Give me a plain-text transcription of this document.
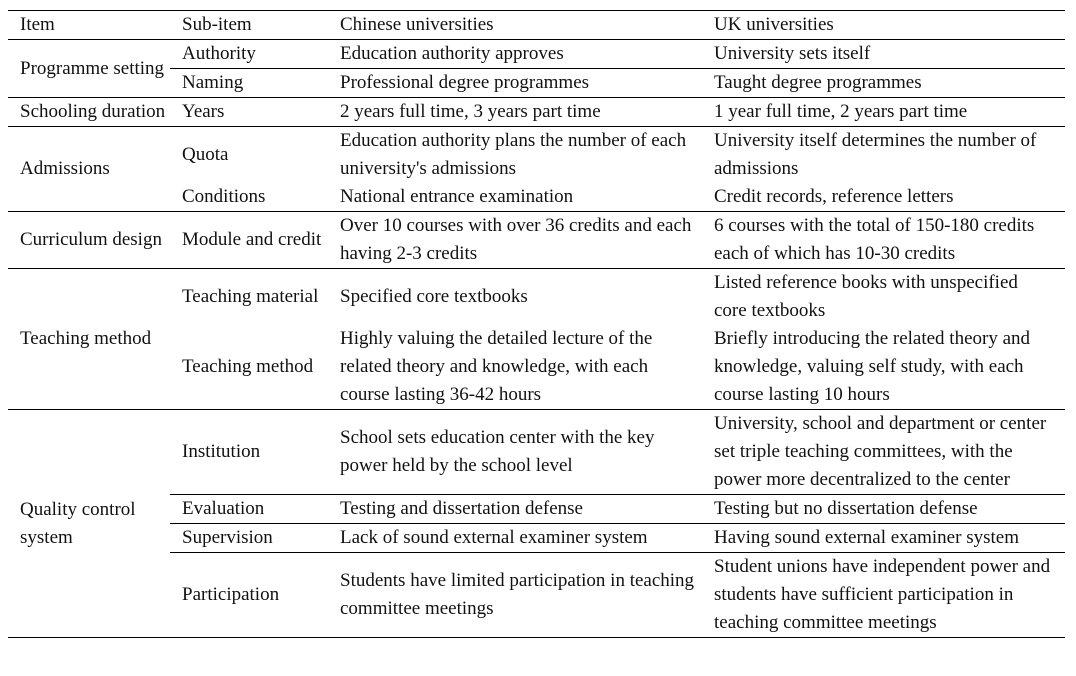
Item	Sub-item	Chinese universities	UK universities
Programme setting	Authority	Education authority approves	University sets itself
	Naming	Professional degree programmes	Taught degree programmes
Schooling duration	Years	2 years full time, 3 years part time	1 year full time, 2 years part time
Admissions	Quota	Education authority plans the number of each university's admissions	University itself determines the number of admissions
	Conditions	National entrance examination	Credit records, reference letters
Curriculum design	Module and credit	Over 10 courses with over 36 credits and each having 2-3 credits	6 courses with the total of 150-180 credits each of which has 10-30 credits
Teaching method	Teaching material	Specified core textbooks	Listed reference books with unspecified core textbooks
	Teaching method	Highly valuing the detailed lecture of the related theory and knowledge, with each course lasting 36-42 hours	Briefly introducing the related theory and knowledge, valuing self study, with each course lasting 10 hours
Quality control system	Institution	School sets education center with the key power held by the school level	University, school and department or center set triple teaching committees, with the power more decentralized to the center
	Evaluation	Testing and dissertation defense	Testing but no dissertation defense
	Supervision	Lack of sound external examiner system	Having sound external examiner system
	Participation	Students have limited participation in teaching committee meetings	Student unions have independent power and students have sufficient participation in teaching committee meetings
